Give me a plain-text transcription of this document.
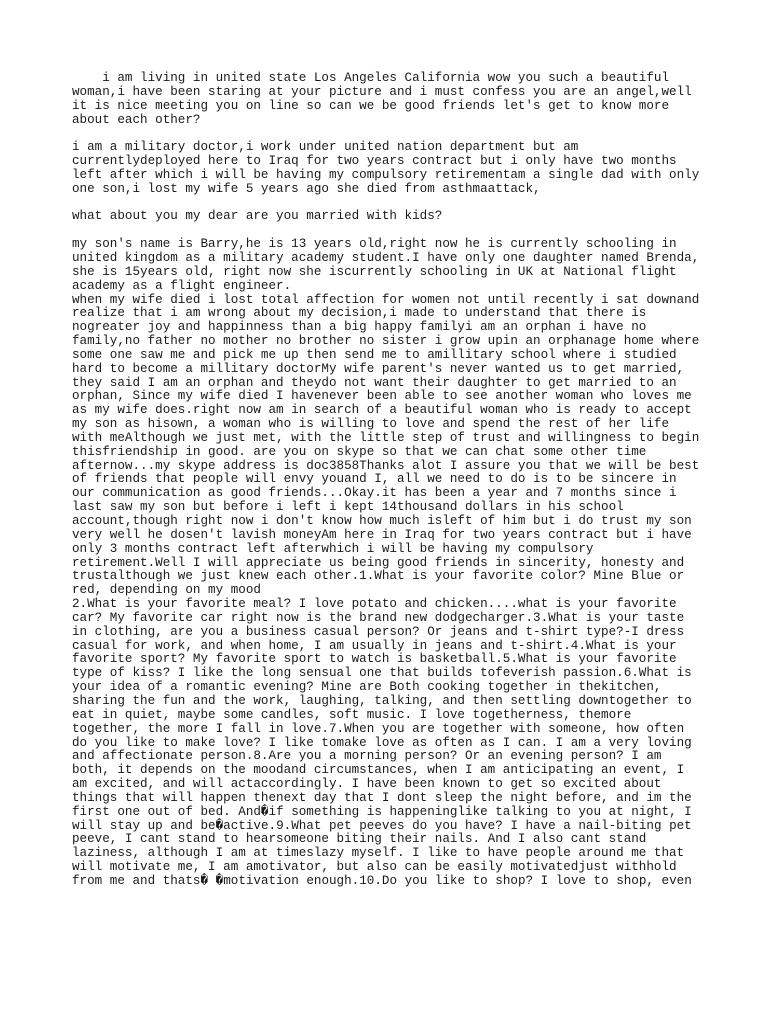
i am living in united state Los Angeles California wow you such a beautiful
woman,i have been staring at your picture and i must confess you are an angel,well
it is nice meeting you on line so can we be good friends let's get to know more
about each other?
i am a military doctor,i work under united nation department but am
currentlydeployed here to Iraq for two years contract but i only have two months
left after which i will be having my compulsory retirementam a single dad with only
one son,i lost my wife 5 years ago she died from asthmaattack,
what about you my dear are you married with kids?
my son's name is Barry,he is 13 years old,right now he is currently schooling in
united kingdom as a military academy student.I have only one daughter named Brenda,
she is 15years old, right now she iscurrently schooling in UK at National flight
academy as a flight engineer.
when my wife died i lost total affection for women not until recently i sat downand
realize that i am wrong about my decision,i made to understand that there is
nogreater joy and happinness than a big happy familyi am an orphan i have no
family,no father no mother no brother no sister i grow upin an orphanage home where
some one saw me and pick me up then send me to amillitary school where i studied
hard to become a millitary doctorMy wife parent's never wanted us to get married,
they said I am an orphan and theydo not want their daughter to get married to an
orphan, Since my wife died I havenever been able to see another woman who loves me
as my wife does.right now am in search of a beautiful woman who is ready to accept
my son as hisown, a woman who is willing to love and spend the rest of her life
with meAlthough we just met, with the little step of trust and willingness to begin
thisfriendship in good. are you on skype so that we can chat some other time
afternow...my skype address is doc3858Thanks alot I assure you that we will be best
of friends that people will envy youand I, all we need to do is to be sincere in
our communication as good friends...Okay.it has been a year and 7 months since i
last saw my son but before i left i kept 14thousand dollars in his school
account,though right now i don't know how much isleft of him but i do trust my son
very well he dosen't lavish moneyAm here in Iraq for two years contract but i have
only 3 months contract left afterwhich i will be having my compulsory
retirement.Well I will appreciate us being good friends in sincerity, honesty and
trustalthough we just knew each other.1.What is your favorite color? Mine Blue or
red, depending on my mood
2.What is your favorite meal? I love potato and chicken....what is your favorite
car? My favorite car right now is the brand new dodgecharger.3.What is your taste
in clothing, are you a business casual person? Or jeans and t-shirt type?-I dress
casual for work, and when home, I am usually in jeans and t-shirt.4.What is your
favorite sport? My favorite sport to watch is basketball.5.What is your favorite
type of kiss? I like the long sensual one that builds tofeverish passion.6.What is
your idea of a romantic evening? Mine are Both cooking together in thekitchen,
sharing the fun and the work, laughing, talking, and then settling downtogether to
eat in quiet, maybe some candles, soft music. I love togetherness, themore
together, the more I fall in love.7.When you are together with someone, how often
do you like to make love? I like tomake love as often as I can. I am a very loving
and affectionate person.8.Are you a morning person? Or an evening person? I am
both, it depends on the moodand circumstances, when I am anticipating an event, I
am excited, and will actaccordingly. I have been known to get so excited about
things that will happen thenext day that I dont sleep the night before, and im the
first one out of bed. And�if something is happeninglike talking to you at night, I
will stay up and be�active.9.What pet peeves do you have? I have a nail-biting pet
peeve, I cant stand to hearsomeone biting their nails. And I also cant stand
laziness, although I am at timeslazy myself. I like to have people around me that
will motivate me, I am amotivator, but also can be easily motivatedjust withhold
from me and thats� �motivation enough.10.Do you like to shop? I love to shop, even
